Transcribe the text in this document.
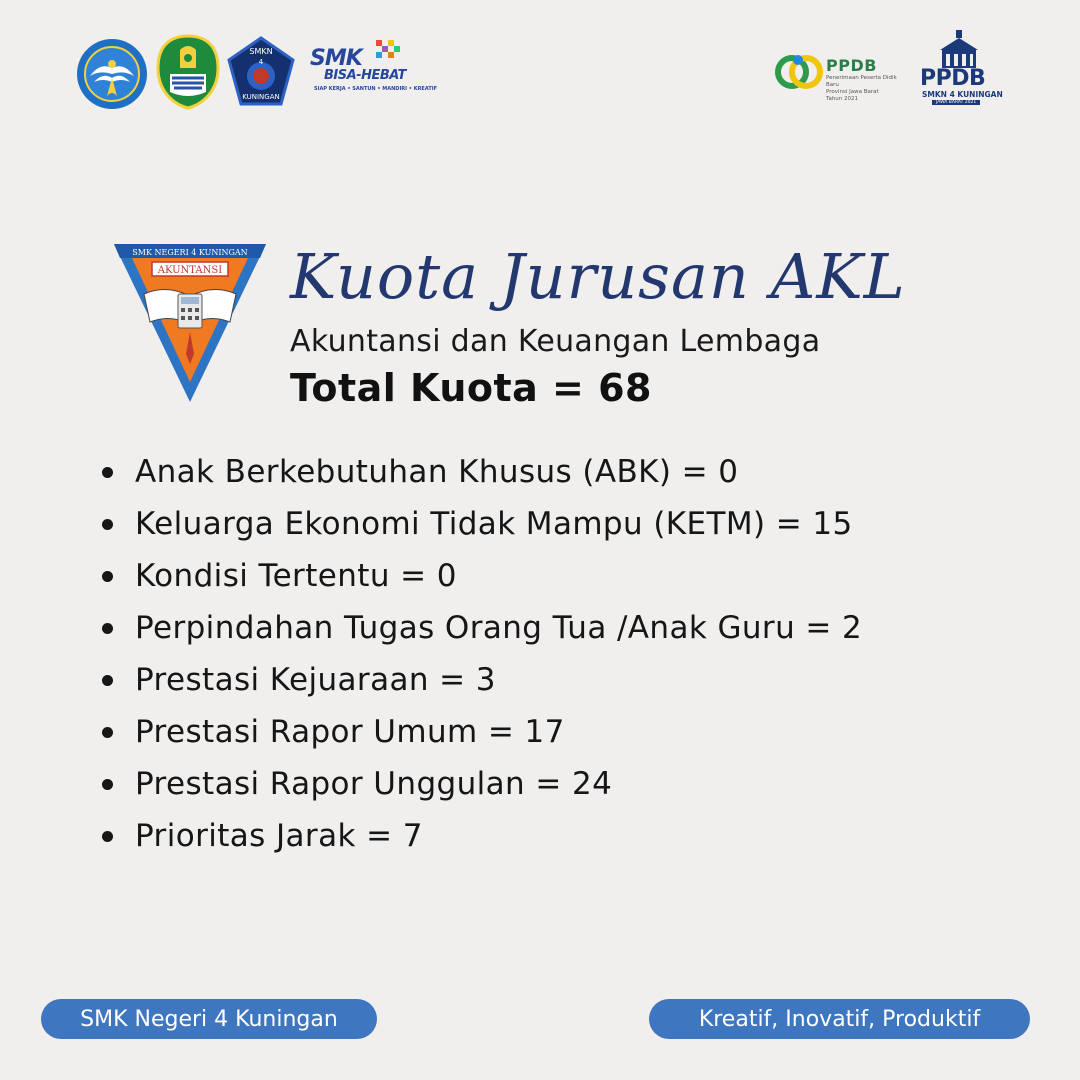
SMKN
4
KUNINGAN
SMK
BISA-HEBAT
SIAP KERJA • SANTUN • MANDIRI • KREATIF
PPDB
Penerimaan Peserta Didik Baru
Provinsi Jawa Barat
Tahun 2021
PPDB
SMKN 4 KUNINGAN
JAWA BARAT 2021
SMK NEGERI 4 KUNINGAN
AKUNTANSI Kuota Jurusan AKL
Akuntansi dan Keuangan Lembaga
Total Kuota = 68
Anak Berkebutuhan Khusus (ABK) = 0
Keluarga Ekonomi Tidak Mampu (KETM) = 15
Kondisi Tertentu = 0
Perpindahan Tugas Orang Tua /Anak Guru = 2
Prestasi Kejuaraan = 3
Prestasi Rapor Umum = 17
Prestasi Rapor Unggulan = 24
Prioritas Jarak = 7
SMK Negeri 4 Kuningan	Kreatif, Inovatif, Produktif
